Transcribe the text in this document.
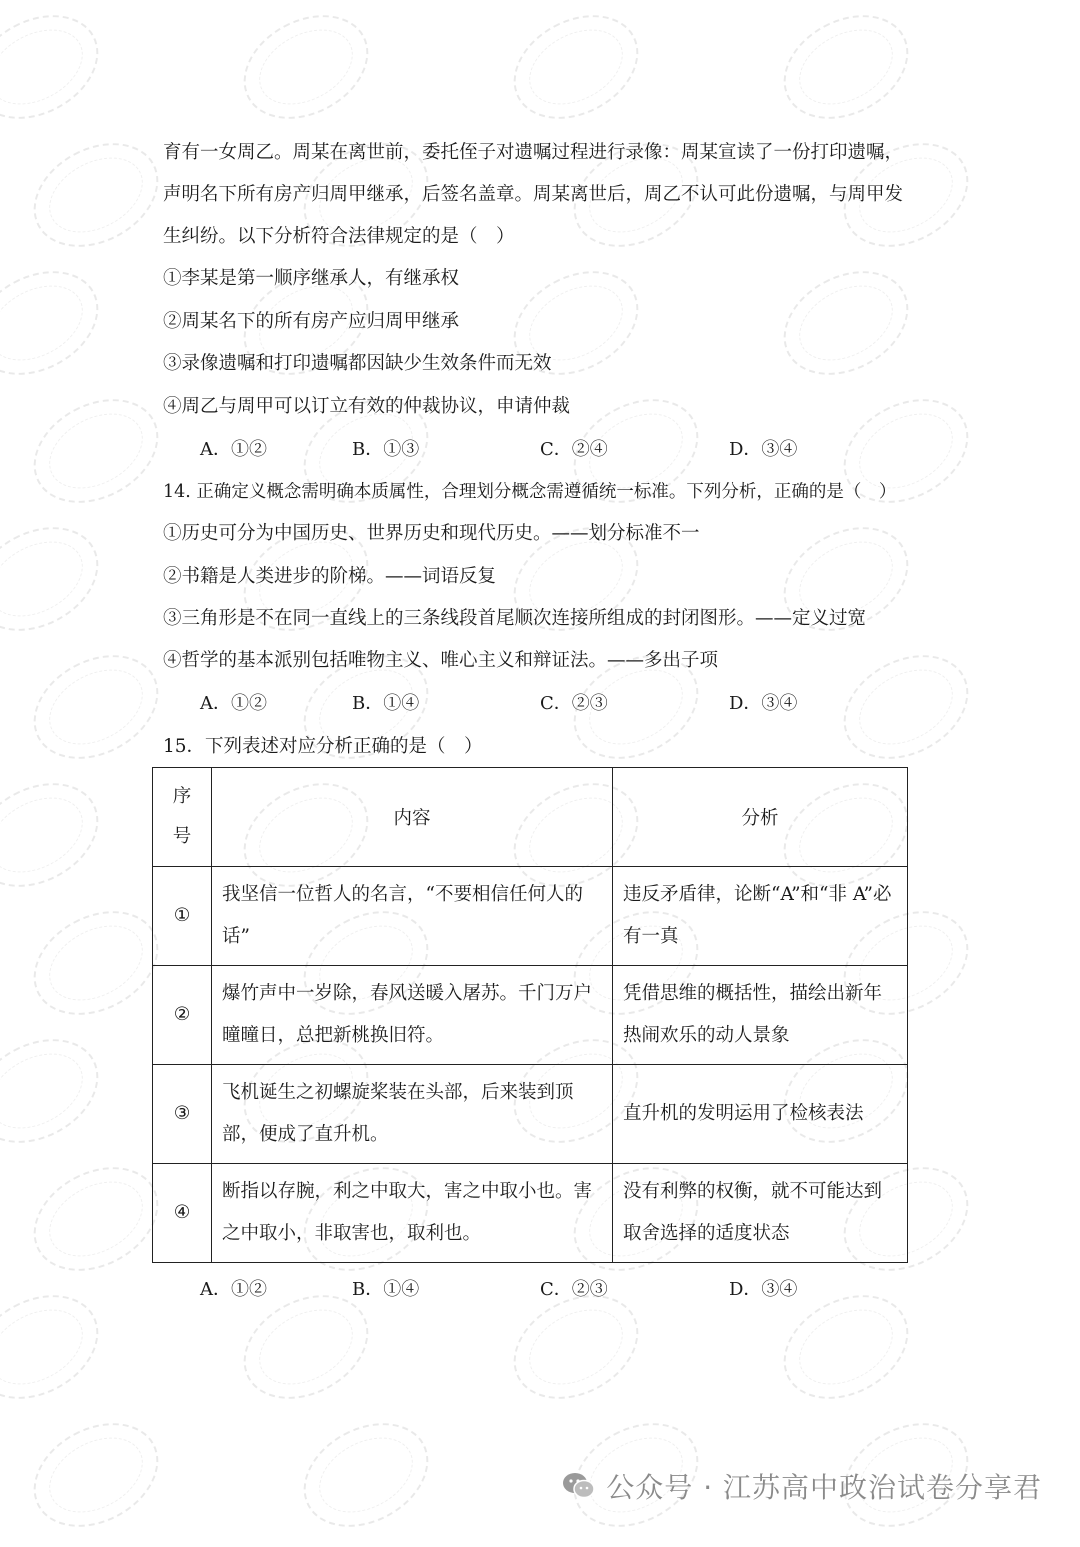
育有一女周乙。周某在离世前，委托侄子对遗嘱过程进行录像：周某宣读了一份打印遗嘱，
声明名下所有房产归周甲继承，后签名盖章。周某离世后，周乙不认可此份遗嘱，与周甲发
生纠纷。以下分析符合法律规定的是（　）
①李某是第一顺序继承人，有继承权
②周某名下的所有房产应归周甲继承
③录像遗嘱和打印遗嘱都因缺少生效条件而无效
④周乙与周甲可以订立有效的仲裁协议，申请仲裁
A．①②	B．①③	C．②④	D．③④
14. 正确定义概念需明确本质属性，合理划分概念需遵循统一标准。下列分析，正确的是（　）
①历史可分为中国历史、世界历史和现代历史。——划分标准不一
②书籍是人类进步的阶梯。——词语反复
③三角形是不在同一直线上的三条线段首尾顺次连接所组成的封闭图形。——定义过宽
④哲学的基本派别包括唯物主义、唯心主义和辩证法。——多出子项
A．①②	B．①④	C．②③	D．③④
15．下列表述对应分析正确的是（　）
序
号	内容	分析
①	我坚信一位哲人的名言，“不要相信任何人的话”	违反矛盾律，论断“A”和“非 A”必有一真
②	爆竹声中一岁除，春风送暖入屠苏。千门万户曈曈日，总把新桃换旧符。	凭借思维的概括性，描绘出新年热闹欢乐的动人景象
③	飞机诞生之初螺旋桨装在头部，后来装到顶部，便成了直升机。	直升机的发明运用了检核表法
④	断指以存腕，利之中取大，害之中取小也。害之中取小，非取害也，取利也。	没有利弊的权衡，就不可能达到取舍选择的适度状态
A．①②	B．①④	C．②③	D．③④
公众号 · 江苏高中政治试卷分享君
